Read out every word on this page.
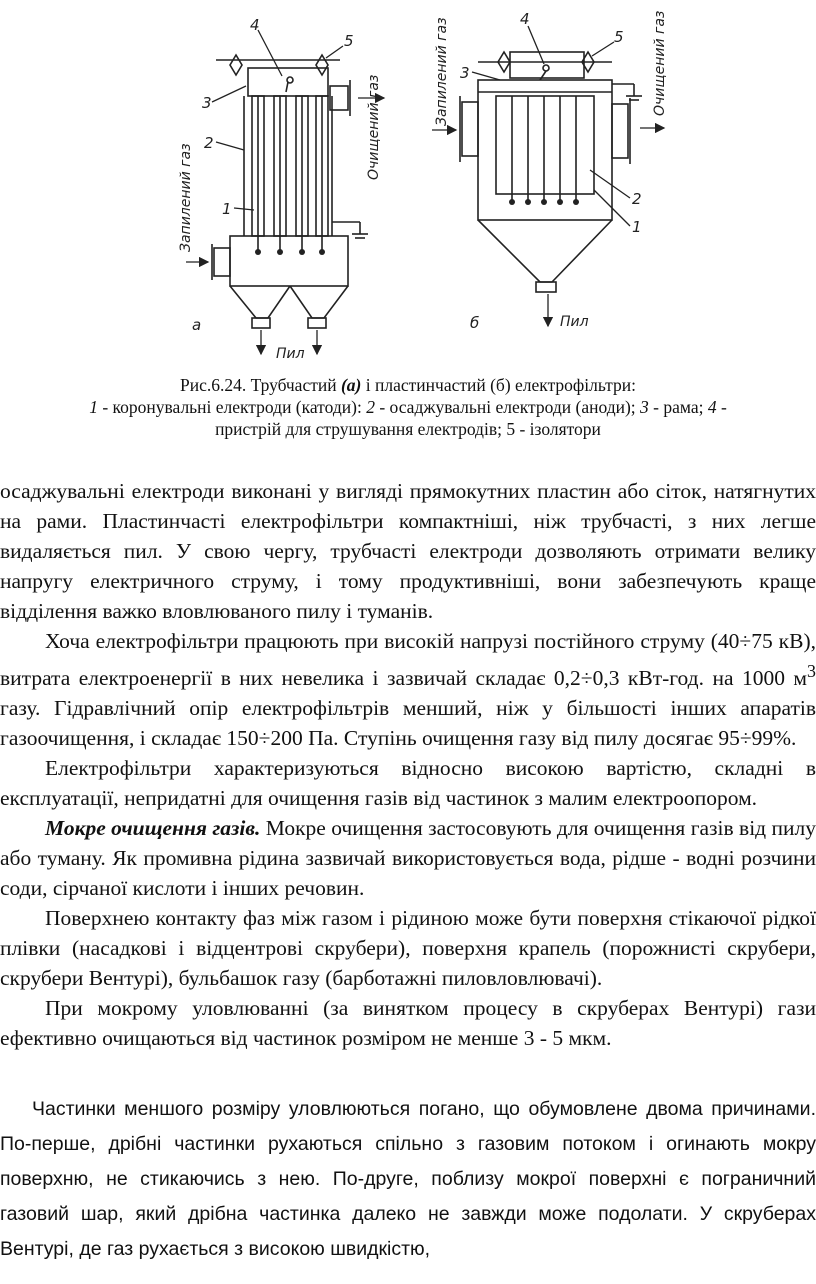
4
5
3
2
1
Запилений газ
Очищений газ
Пил
а
4
5
3
2
1
Запилений газ	Очищений газ
Пил
б
Рис.6.24. Трубчастий (а) і пластинчастий (б) електрофільтри:
1 - коронувальні електроди (катоди): 2 - осаджувальні електроди (аноди); 3 - рама; 4 -
пристрій для струшування електродів; 5 - ізолятори

осаджувальні електроди виконані у вигляді прямокутних пластин або сіток, натягнутих на рами. Пластинчасті електрофільтри компактніші, ніж трубчасті, з них легше видаляється пил. У свою чергу, трубчасті електроди дозволяють отримати велику напругу електричного струму, і тому продуктивніші, вони забезпечують краще відділення важко вловлюваного пилу і туманів.

Хоча електрофільтри працюють при високій напрузі постійного струму (40÷75 кВ), витрата електроенергії в них невелика і зазвичай складає 0,2÷0,3 кВт-год. на 1000 $м^3$ газу. Гідравлічний опір електрофільтрів менший, ніж у більшості інших апаратів газоочищення, і складає 150÷200 Па. Ступінь очищення газу від пилу досягає 95÷99%.

Електрофільтри характеризуються відносно високою вартістю, складні в експлуатації, непридатні для очищення газів від частинок з малим електроопором.

Мокре очищення газів. Мокре очищення застосовують для очищення газів від пилу або туману. Як промивна рідина зазвичай використовується вода, рідше - водні розчини соди, сірчаної кислоти і інших речовин.

Поверхнею контакту фаз між газом і рідиною може бути поверхня стікаючої рідкої плівки (насадкові і відцентрові скрубери), поверхня крапель (порожнисті скрубери, скрубери Вентурі), бульбашок газу (барботажні пиловловлювачі).

При мокрому уловлюванні (за винятком процесу в скруберах Вентурі) гази ефективно очищаються від частинок розміром не менше 3 - 5 мкм.

Частинки меншого розміру уловлюються погано, що обумовлене двома причинами. По-перше, дрібні частинки рухаються спільно з газовим потоком і огинають мокру поверхню, не стикаючись з нею. По-друге, поблизу мокрої поверхні є пограничний газовий шар, який дрібна частинка далеко не завжди може подолати. У скруберах Вентурі, де газ рухається з високою швидкістю,
